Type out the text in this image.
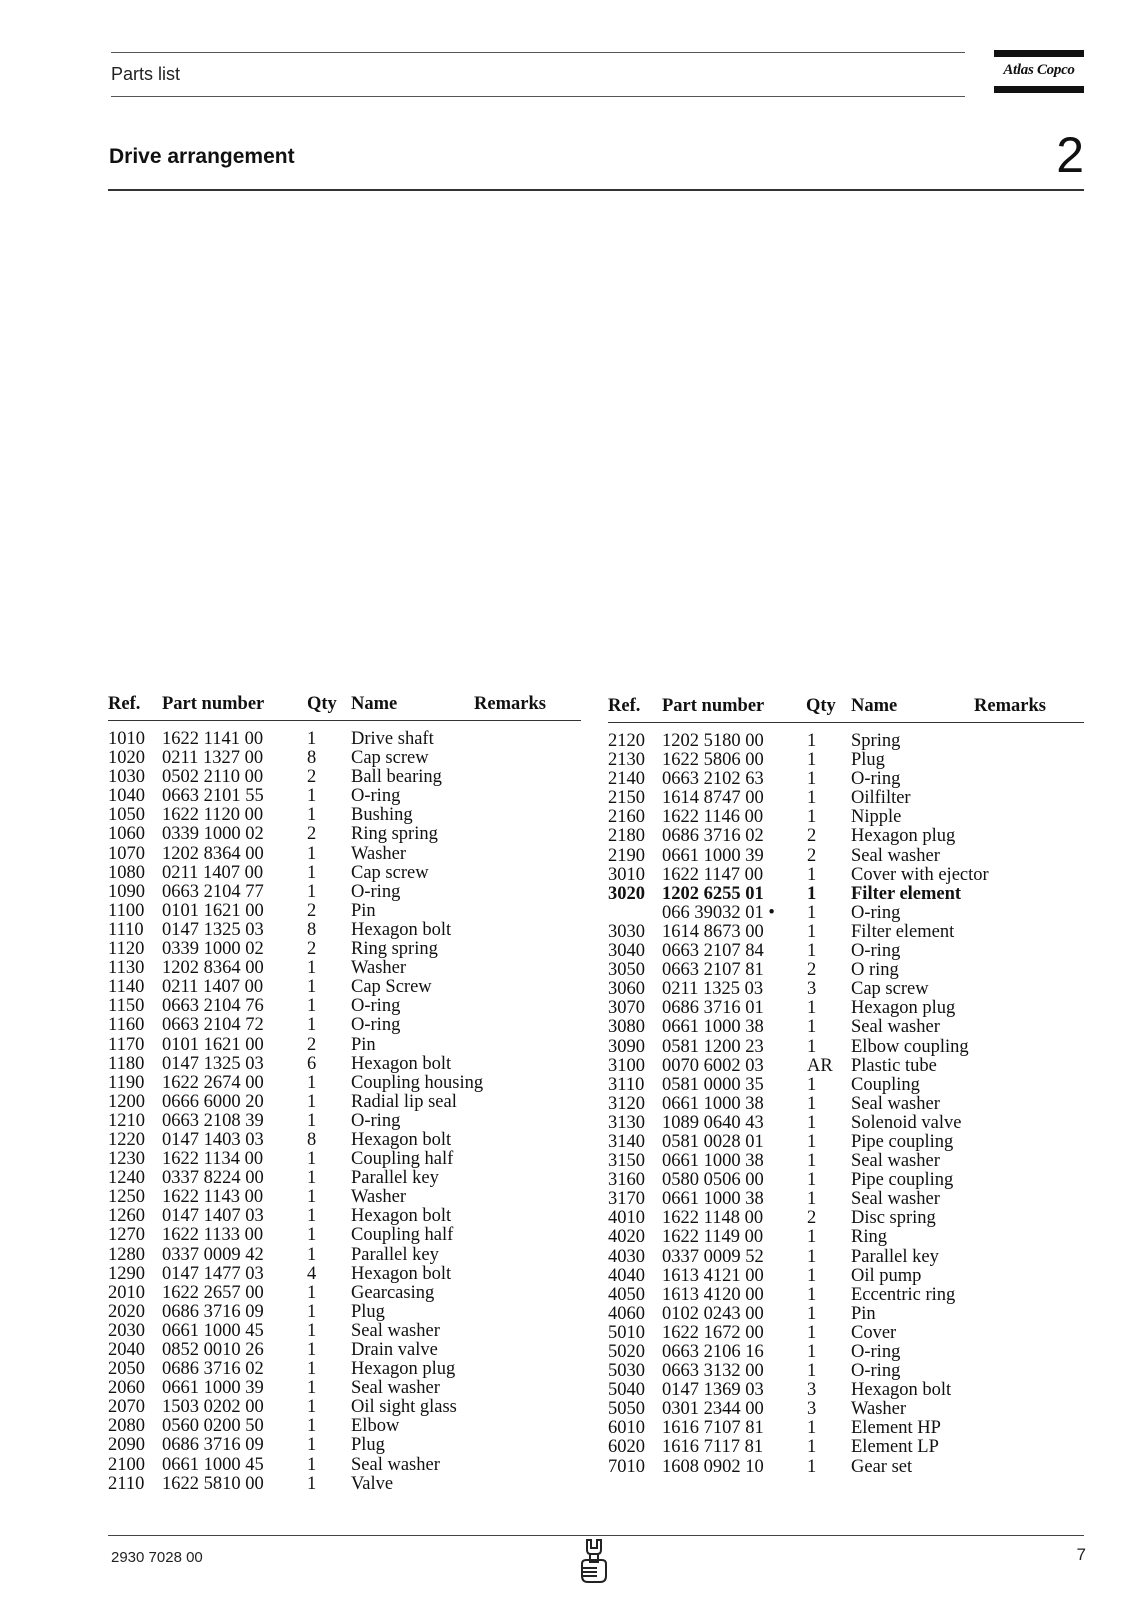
Parts list	Atlas Copco
Drive arrangement	2
Ref. Part number Qty Name	Remarks
1010 1622 1141 00 1 Drive shaft
1020 0211 1327 00 8 Cap screw
1030 0502 2110 00 2 Ball bearing
1040 0663 2101 55 1 O-ring
1050 1622 1120 00 1 Bushing
1060 0339 1000 02 2 Ring spring
1070 1202 8364 00 1 Washer
1080 0211 1407 00 1 Cap screw
1090 0663 2104 77 1 O-ring
1100 0101 1621 00 2 Pin
1110 0147 1325 03 8 Hexagon bolt
1120 0339 1000 02 2 Ring spring
1130 1202 8364 00 1 Washer
1140 0211 1407 00 1 Cap Screw
1150 0663 2104 76 1 O-ring
1160 0663 2104 72 1 O-ring
1170 0101 1621 00 2 Pin
1180 0147 1325 03 6 Hexagon bolt
1190 1622 2674 00 1 Coupling housing
1200 0666 6000 20 1 Radial lip seal
1210 0663 2108 39 1 O-ring
1220 0147 1403 03 8 Hexagon bolt
1230 1622 1134 00 1 Coupling half
1240 0337 8224 00 1 Parallel key
1250 1622 1143 00 1 Washer
1260 0147 1407 03 1 Hexagon bolt
1270 1622 1133 00 1 Coupling half
1280 0337 0009 42 1 Parallel key
1290 0147 1477 03 4 Hexagon bolt
2010 1622 2657 00 1 Gearcasing
2020 0686 3716 09 1 Plug
2030 0661 1000 45 1 Seal washer
2040 0852 0010 26 1 Drain valve
2050 0686 3716 02 1 Hexagon plug
2060 0661 1000 39 1 Seal washer
2070 1503 0202 00 1 Oil sight glass
2080 0560 0200 50 1 Elbow
2090 0686 3716 09 1 Plug
2100 0661 1000 45 1 Seal washer
2110 1622 5810 00 1 Valve
Ref. Part number Qty Name	Remarks
2120 1202 5180 00 1 Spring
2130 1622 5806 00 1 Plug
2140 0663 2102 63 1 O-ring
2150 1614 8747 00 1 Oilfilter
2160 1622 1146 00 1 Nipple
2180 0686 3716 02 2 Hexagon plug
2190 0661 1000 39 2 Seal washer
3010 1622 1147 00 1 Cover with ejector
3020 1202 6255 01 1 Filter element
066 39032 01 • 1 O-ring
3030 1614 8673 00 1 Filter element
3040 0663 2107 84 1 O-ring
3050 0663 2107 81 2 O ring
3060 0211 1325 03 3 Cap screw
3070 0686 3716 01 1 Hexagon plug
3080 0661 1000 38 1 Seal washer
3090 0581 1200 23 1 Elbow coupling
3100 0070 6002 03 AR Plastic tube
3110 0581 0000 35 1 Coupling
3120 0661 1000 38 1 Seal washer
3130 1089 0640 43 1 Solenoid valve
3140 0581 0028 01 1 Pipe coupling
3150 0661 1000 38 1 Seal washer
3160 0580 0506 00 1 Pipe coupling
3170 0661 1000 38 1 Seal washer
4010 1622 1148 00 2 Disc spring
4020 1622 1149 00 1 Ring
4030 0337 0009 52 1 Parallel key
4040 1613 4121 00 1 Oil pump
4050 1613 4120 00 1 Eccentric ring
4060 0102 0243 00 1 Pin
5010 1622 1672 00 1 Cover
5020 0663 2106 16 1 O-ring
5030 0663 3132 00 1 O-ring
5040 0147 1369 03 3 Hexagon bolt
5050 0301 2344 00 3 Washer
6010 1616 7107 81 1 Element HP
6020 1616 7117 81 1 Element LP
7010 1608 0902 10 1 Gear set
2930 7028 00	7
